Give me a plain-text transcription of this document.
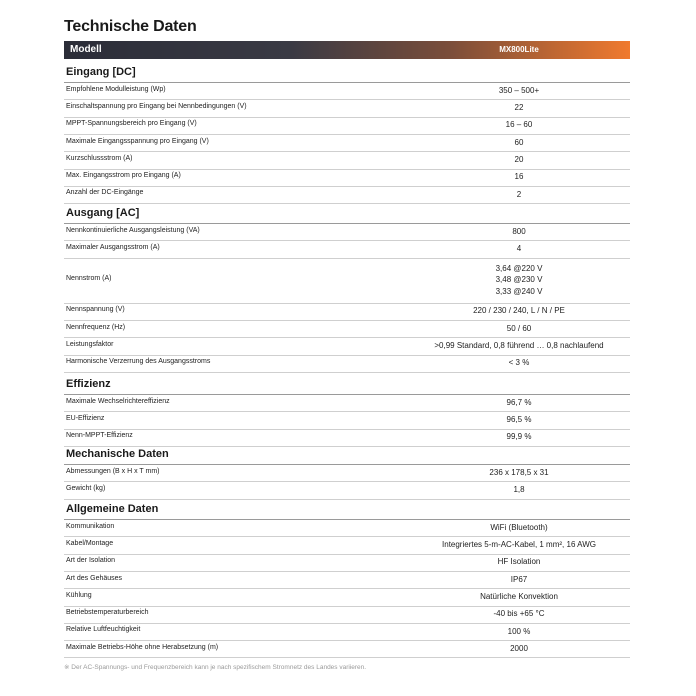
Technische Daten
Modell	MX800Lite
Eingang [DC]
Empfohlene Modulleistung (Wp)	350 – 500+
Einschaltspannung pro Eingang bei Nennbedingungen (V)	22
MPPT-Spannungsbereich pro Eingang (V)	16 – 60
Maximale Eingangsspannung pro Eingang (V)	60
Kurzschlussstrom (A)	20
Max. Eingangsstrom pro Eingang (A)	16
Anzahl der DC-Eingänge	2
Ausgang [AC]
Nennkontinuierliche Ausgangsleistung (VA)	800
Maximaler Ausgangsstrom (A)	4
Nennstrom (A)
3,64 @220 V
3,48 @230 V
3,33 @240 V
Nennspannung (V)	220 / 230 / 240, L / N / PE
Nennfrequenz (Hz)	50 / 60
Leistungsfaktor	>0,99 Standard, 0,8 führend … 0,8 nachlaufend
Harmonische Verzerrung des Ausgangsstroms	< 3 %
Effizienz
Maximale Wechselrichtereffizienz	96,7 %
EU-Effizienz	96,5 %
Nenn-MPPT-Effizienz	99,9 %
Mechanische Daten
Abmessungen (B x H x T mm)	236 x 178,5 x 31
Gewicht (kg)	1,8
Allgemeine Daten
Kommunikation	WiFi (Bluetooth)
Kabel/Montage	Integriertes 5-m-AC-Kabel, 1 mm², 16 AWG
Art der Isolation	HF Isolation
Art des Gehäuses	IP67
Kühlung	Natürliche Konvektion
Betriebstemperaturbereich	-40 bis +65 °C
Relative Luftfeuchtigkeit	100 %
Maximale Betriebs-Höhe ohne Herabsetzung (m)	2000
※ Der AC-Spannungs- und Frequenzbereich kann je nach spezifischem Stromnetz des Landes variieren.
